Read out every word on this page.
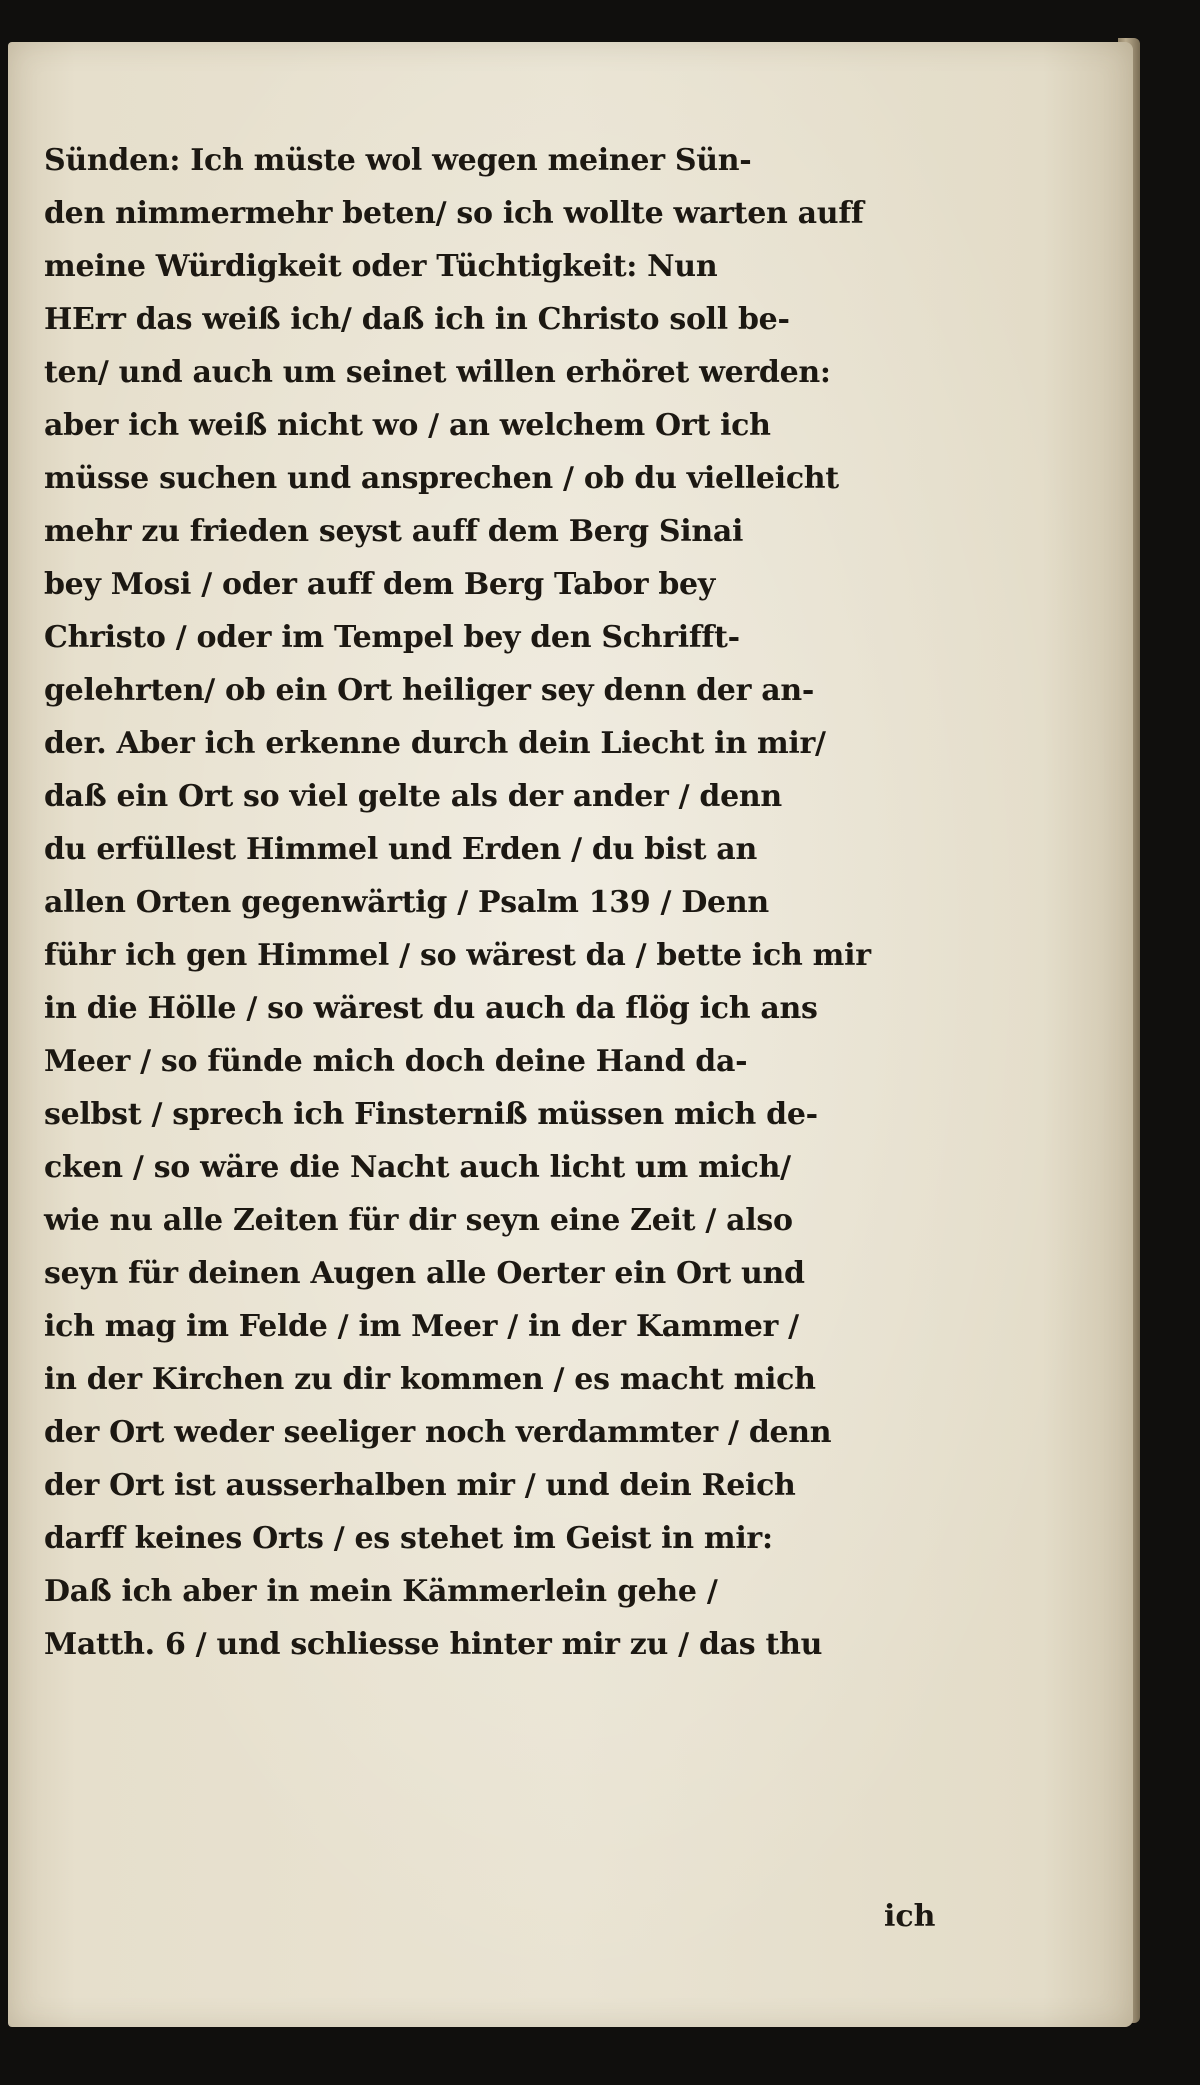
Sünden: Ich müste wol wegen meiner Sün-
den nimmermehr beten/ so ich wollte warten auff
meine Würdigkeit oder Tüchtigkeit: Nun
HErr das weiß ich/ daß ich in Christo soll be-
ten/ und auch um seinet willen erhöret werden:
aber ich weiß nicht wo / an welchem Ort ich
müsse suchen und ansprechen / ob du vielleicht
mehr zu frieden seyst auff dem Berg Sinai
bey Mosi / oder auff dem Berg Tabor bey
Christo / oder im Tempel bey den Schrifft-
gelehrten/ ob ein Ort heiliger sey denn der an-
der. Aber ich erkenne durch dein Liecht in mir/
daß ein Ort so viel gelte als der ander / denn
du erfüllest Himmel und Erden / du bist an
allen Orten gegenwärtig / Psalm 139 / Denn
führ ich gen Himmel / so wärest da / bette ich mir
in die Hölle / so wärest du auch da flög ich ans
Meer / so fünde mich doch deine Hand da-
selbst / sprech ich Finsterniß müssen mich de-
cken / so wäre die Nacht auch licht um mich/
wie nu alle Zeiten für dir seyn eine Zeit / also
seyn für deinen Augen alle Oerter ein Ort und
ich mag im Felde / im Meer / in der Kammer /
in der Kirchen zu dir kommen / es macht mich
der Ort weder seeliger noch verdammter / denn
der Ort ist ausserhalben mir / und dein Reich
darff keines Orts / es stehet im Geist in mir:
Daß ich aber in mein Kämmerlein gehe /
Matth. 6 / und schliesse hinter mir zu / das thu
ich
